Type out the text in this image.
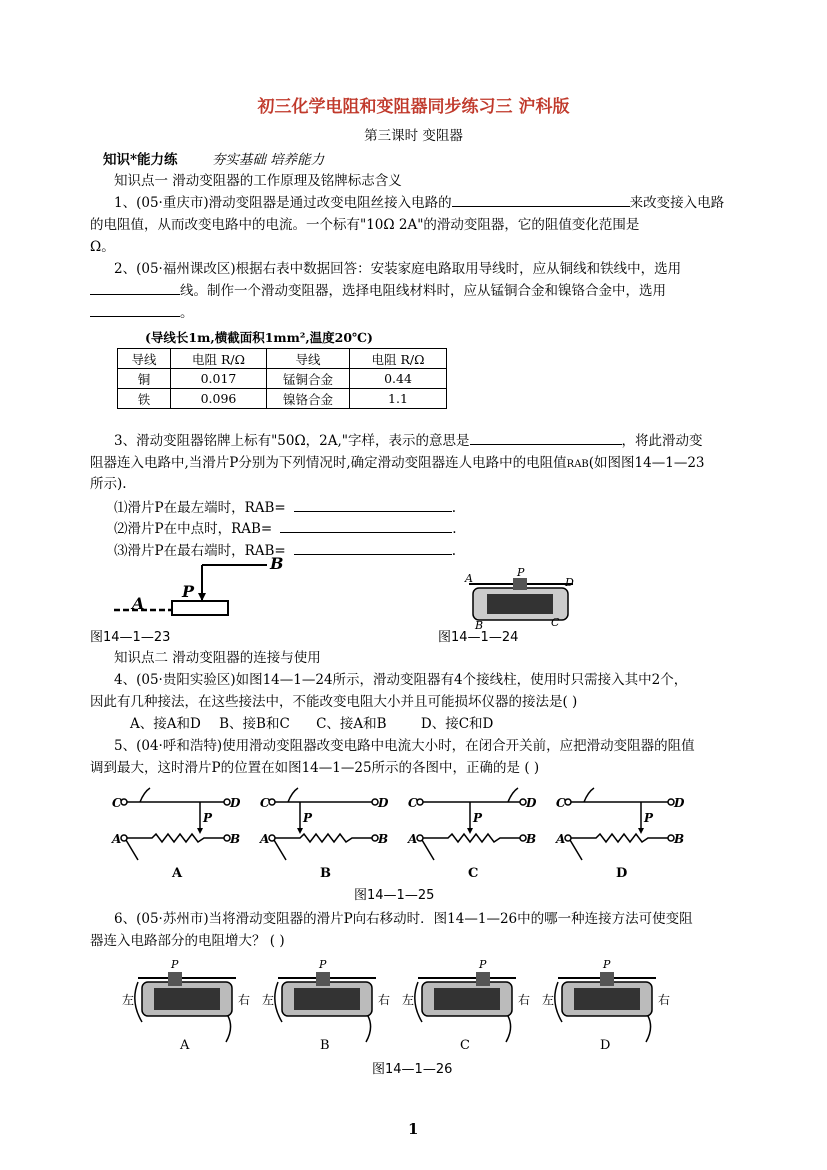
初三化学电阻和变阻器同步练习三 沪科版
第三课时 变阻器
知识*能力练	夯实基础 培养能力
知识点一 滑动变阻器的工作原理及铭牌标志含义
1、(05·重庆市)滑动变阻器是通过改变电阻丝接入电路的	来改变接入电路
的电阻值，从而改变电路中的电流。一个标有"10Ω 2A"的滑动变阻器，它的阻值变化范围是
Ω。
2、(05·福州课改区)根据右表中数据回答：安装家庭电路取用导线时，应从铜线和铁线中，选用
线。制作一个滑动变阻器，选择电阻线材料时，应从锰铜合金和镍铬合金中，选用
。
(导线长1m,横截面积1mm²,温度20℃)
导线	电阻 R/Ω	导线	电阻 R/Ω
铜	0.017	锰铜合金	0.44
铁	0.096	镍铬合金	1.1
3、滑动变阻器铭牌上标有"50Ω，2A,"字样，表示的意思是	，将此滑动变
阻器连入电路中,当滑片P分别为下列情况时,确定滑动变阻器连人电路中的电阻值RAB(如图图14—1—23
所示).
⑴滑片P在最左端时，RAB=	.
⑵滑片P在中点时，RAB=	.
⑶滑片P在最右端时，RAB=	.
A
P
B
图14—1—23
A	P
D
B	C
图14—1—24
知识点二 滑动变阻器的连接与使用
4、(05·贵阳实验区)如图14—1—24所示，滑动变阻器有4个接线柱，使用时只需接入其中2个，
因此有几种接法，在这些接法中，不能改变电阻大小并且可能损坏仪器的接法是( )
A、接A和D B、接B和C C、接A和B	D、接C和D
5、(04·呼和浩特)使用滑动变阻器改变电路中电流大小时，在闭合开关前，应把滑动变阻器的阻值
调到最大，这时滑片P的位置在如图14—1—25所示的各图中，正确的是 ( )
C	D
A	B
P
A
C	D
A	B
P
B
C	D
A	B
P
C
C	D
A	B
P
D
图14—1—25
6、(05·苏州市)当将滑动变阻器的滑片P向右移动时．图14—1—26中的哪一种连接方法可使变阻
器连入电路部分的电阻增大？ ( )
P
左	右
A
P
左	右
B
P
左	右
C
P
左	右
D
图14—1—26
1
